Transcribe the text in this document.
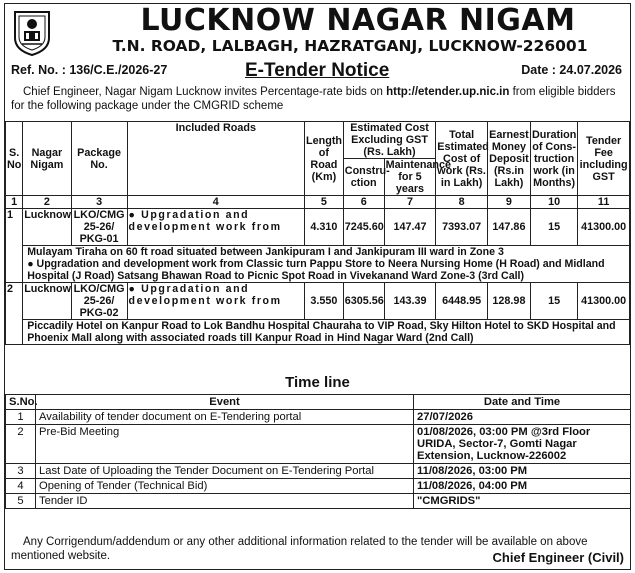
LUCKNOW NAGAR NIGAM
T.N. ROAD, LALBAGH, HAZRATGANJ, LUCKNOW-226001
Ref. No. : 136/C.E./2026-27	E-Tender Notice	Date : 24.07.2026
Chief Engineer, Nagar Nigam Lucknow invites Percentage-rate bids on http://etender.up.nic.in from eligible bidders for the following package under the CMGRID scheme
S. No	Nagar Nigam	Package No.	Included Roads	Length of Road (Km)	Estimated Cost Excluding GST (Rs. Lakh)		Total Estimated Cost of work (Rs. in Lakh)	Earnest Money Deposit (Rs.in Lakh)	Duration of Cons-truction work (in Months)	Tender Fee including GST
					Constru-ction	Maintenance for 5 years				
1	2	3	4	5	6	7	8	9	10	11
1	Lucknow	LKO/CMG 25-26/ PKG-01	● Upgradation and development work from	4.310	7245.60	147.47	7393.07	147.86	15	41300.00

	Mulayam Tiraha on 60 ft road situated between Jankipuram I and Jankipuram III ward in Zone 3
● Upgradation and development work from Classic turn Pappu Store to Neera Nursing Home (H Road) and Midland Hospital (J Road) Satsang Bhawan Road to Picnic Spot Road in Vivekanand Ward Zone-3 (3rd Call)									

2	Lucknow	LKO/CMG 25-26/ PKG-02	● Upgradation and development work from	3.550	6305.56	143.39	6448.95	128.98	15	41300.00

	Piccadily Hotel on Kanpur Road to Lok Bandhu Hospital Chauraha to VIP Road, Sky Hilton Hotel to SKD Hospital and Phoenix Mall along with associated roads till Kanpur Road in Hind Nagar Ward (2nd Call)									
Time line
S.No.	Event	Date and Time
1	Availability of tender document on E-Tendering portal	27/07/2026
2	Pre-Bid Meeting	01/08/2026, 03:00 PM @3rd Floor URIDA, Sector-7, Gomti Nagar Extension, Lucknow-226002
3	Last Date of Uploading the Tender Document on E-Tendering Portal	11/08/2026, 03:00 PM
4	Opening of Tender (Technical Bid)	11/08/2026, 04:00 PM
5	Tender ID	"CMGRIDS"
Any Corrigendum/addendum or any other additional information related to the tender will be available on above mentioned website.	Chief Engineer (Civil)
